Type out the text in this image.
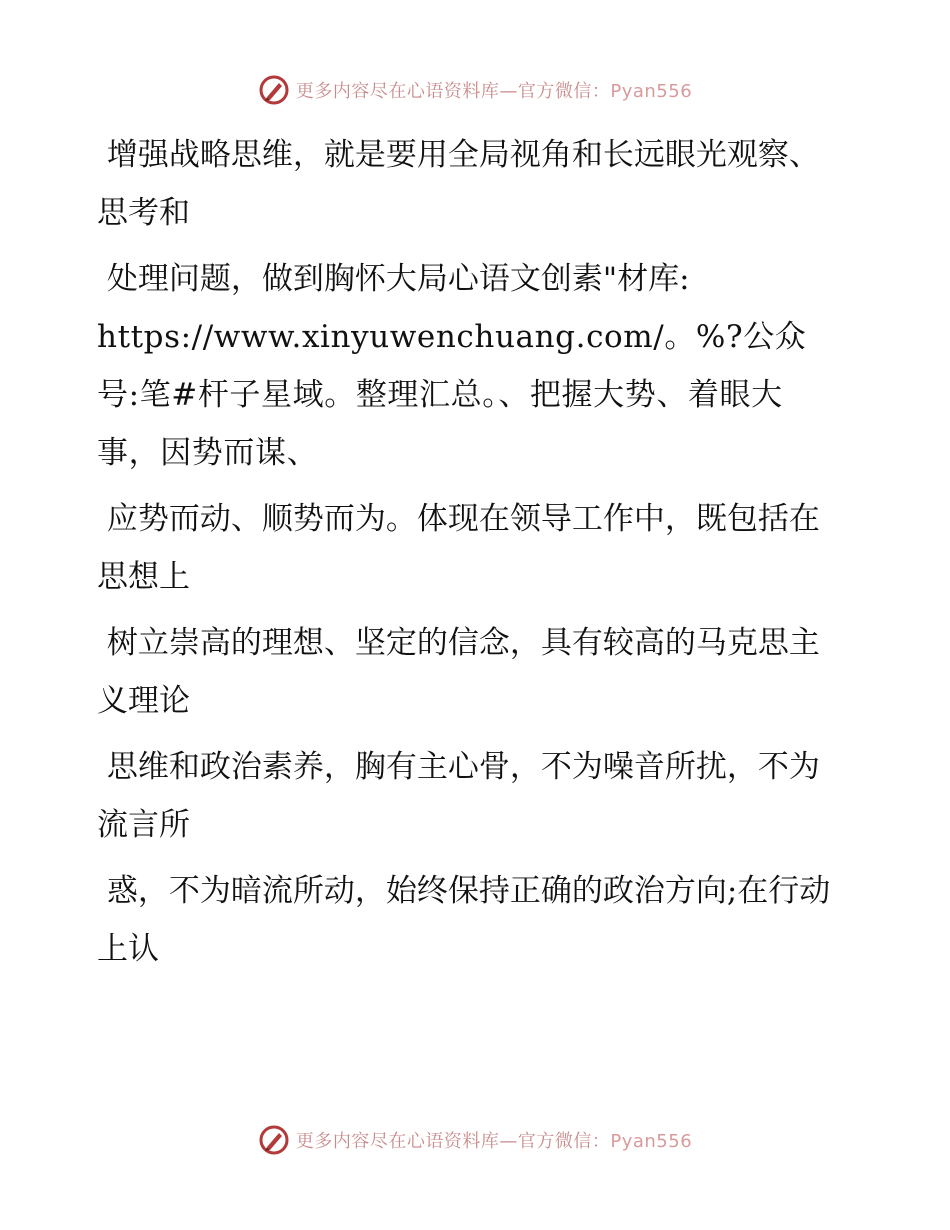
更多内容尽在心语资料库—官方微信：Pyan556

增强战略思维，就是要用全局视角和长远眼光观察、思考和

处理问题，做到胸怀大局心语文创素"材库:

https://www.xinyuwenchuang.com/。%?公众号:笔#杆子星域。整理汇总。、把握大势、着眼大事，因势而谋、

应势而动、顺势而为。体现在领导工作中，既包括在思想上

树立崇高的理想、坚定的信念，具有较高的马克思主义理论

思维和政治素养，胸有主心骨，不为噪音所扰，不为流言所

惑，不为暗流所动，始终保持正确的政治方向;在行动上认

更多内容尽在心语资料库—官方微信：Pyan556
